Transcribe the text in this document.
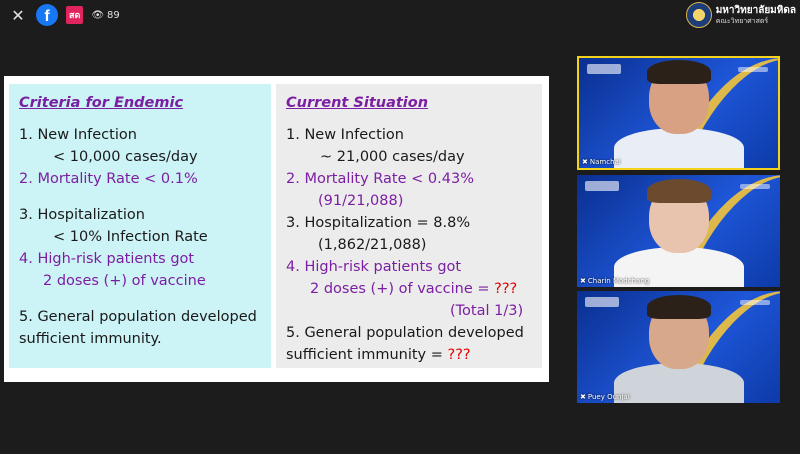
✕ f	สด	👁 89	มหาวิทยาลัยมหิดล
คณะวิทยาศาสตร์
Criteria for Endemic
1. New Infection
< 10,000 cases/day
2. Mortality Rate < 0.1%
3. Hospitalization
< 10% Infection Rate
4. High-risk patients got
2 doses (+) of vaccine
5. General population developed
sufficient immunity.
Current Situation
1. New Infection
~ 21,000 cases/day
2. Mortality Rate < 0.43%
(91/21,088)
3. Hospitalization = 8.8%
(1,862/21,088)
4. High-risk patients got
2 doses (+) of vaccine = ???
(Total 1/3)
5. General population developed
sufficient immunity = ???
✖ Namchai
✖ Charin Modchang
✖ Puey Ounjai
